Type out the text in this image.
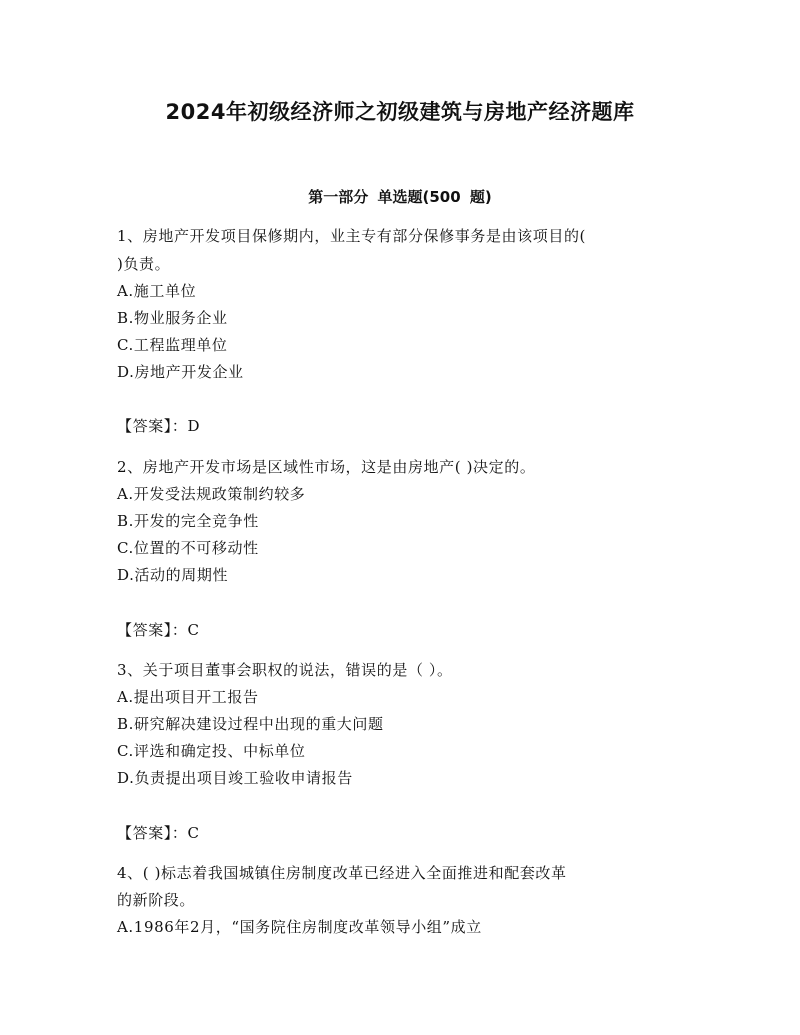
2024年初级经济师之初级建筑与房地产经济题库
第一部分 单选题(500 题)
1、房地产开发项目保修期内，业主专有部分保修事务是由该项目的(
)负责。
A.施工单位
B.物业服务企业
C.工程监理单位
D.房地产开发企业
【答案】：D
2、房地产开发市场是区域性市场，这是由房地产( )决定的。
A.开发受法规政策制约较多
B.开发的完全竞争性
C.位置的不可移动性
D.活动的周期性
【答案】：C
3、关于项目董事会职权的说法，错误的是（ ）。
A.提出项目开工报告
B.研究解决建设过程中出现的重大问题
C.评选和确定投、中标单位
D.负责提出项目竣工验收申请报告
【答案】：C
4、( )标志着我国城镇住房制度改革已经进入全面推进和配套改革
的新阶段。
A.1986年2月，“国务院住房制度改革领导小组”成立
